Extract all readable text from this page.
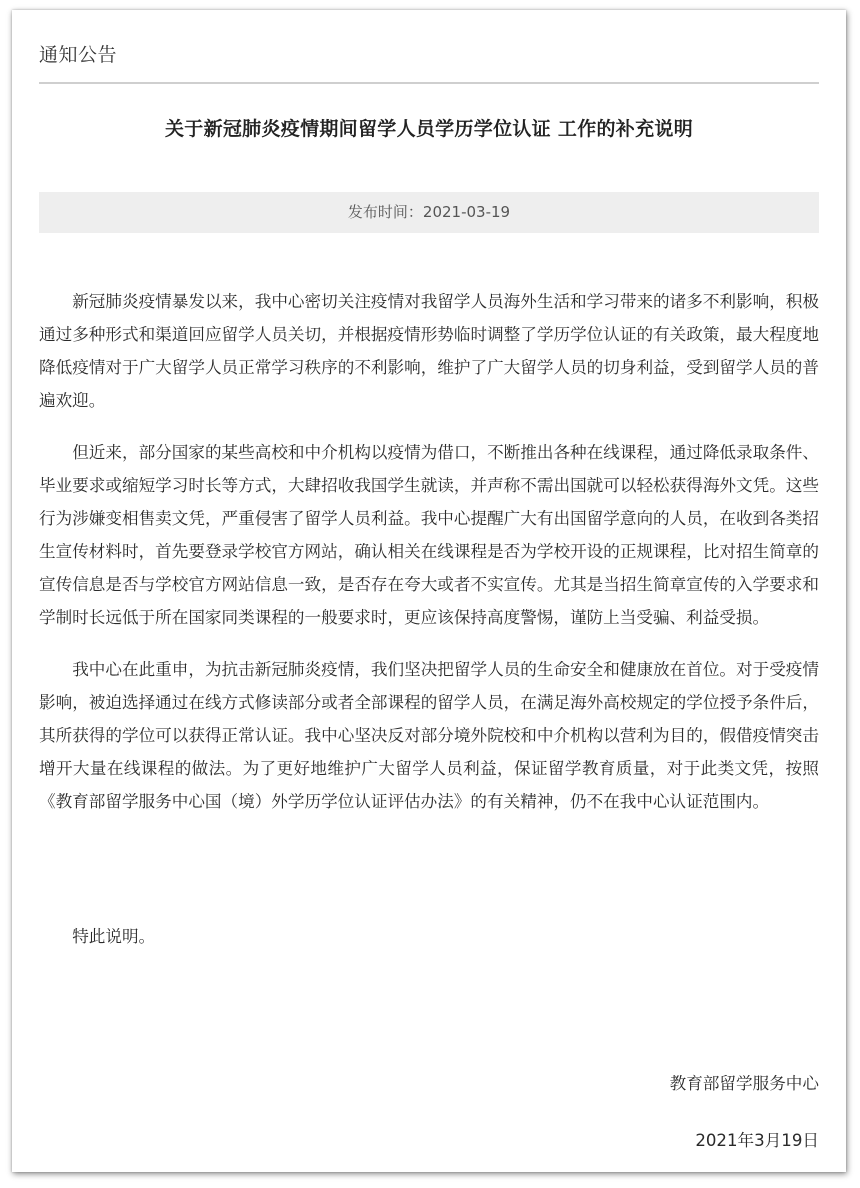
通知公告
关于新冠肺炎疫情期间留学人员学历学位认证 工作的补充说明
发布时间：2021-03-19

新冠肺炎疫情暴发以来，我中心密切关注疫情对我留学人员海外生活和学习带来的诸多不利影响，积极通过多种形式和渠道回应留学人员关切，并根据疫情形势临时调整了学历学位认证的有关政策，最大程度地降低疫情对于广大留学人员正常学习秩序的不利影响，维护了广大留学人员的切身利益，受到留学人员的普遍欢迎。

但近来，部分国家的某些高校和中介机构以疫情为借口，不断推出各种在线课程，通过降低录取条件、毕业要求或缩短学习时长等方式，大肆招收我国学生就读，并声称不需出国就可以轻松获得海外文凭。这些行为涉嫌变相售卖文凭，严重侵害了留学人员利益。我中心提醒广大有出国留学意向的人员，在收到各类招生宣传材料时，首先要登录学校官方网站，确认相关在线课程是否为学校开设的正规课程，比对招生简章的宣传信息是否与学校官方网站信息一致，是否存在夸大或者不实宣传。尤其是当招生简章宣传的入学要求和学制时长远低于所在国家同类课程的一般要求时，更应该保持高度警惕，谨防上当受骗、利益受损。

我中心在此重申，为抗击新冠肺炎疫情，我们坚决把留学人员的生命安全和健康放在首位。对于受疫情影响，被迫选择通过在线方式修读部分或者全部课程的留学人员，在满足海外高校规定的学位授予条件后，其所获得的学位可以获得正常认证。我中心坚决反对部分境外院校和中介机构以营利为目的，假借疫情突击增开大量在线课程的做法。为了更好地维护广大留学人员利益，保证留学教育质量，对于此类文凭，按照《教育部留学服务中心国（境）外学历学位认证评估办法》的有关精神，仍不在我中心认证范围内。

特此说明。
教育部留学服务中心
2021年3月19日
